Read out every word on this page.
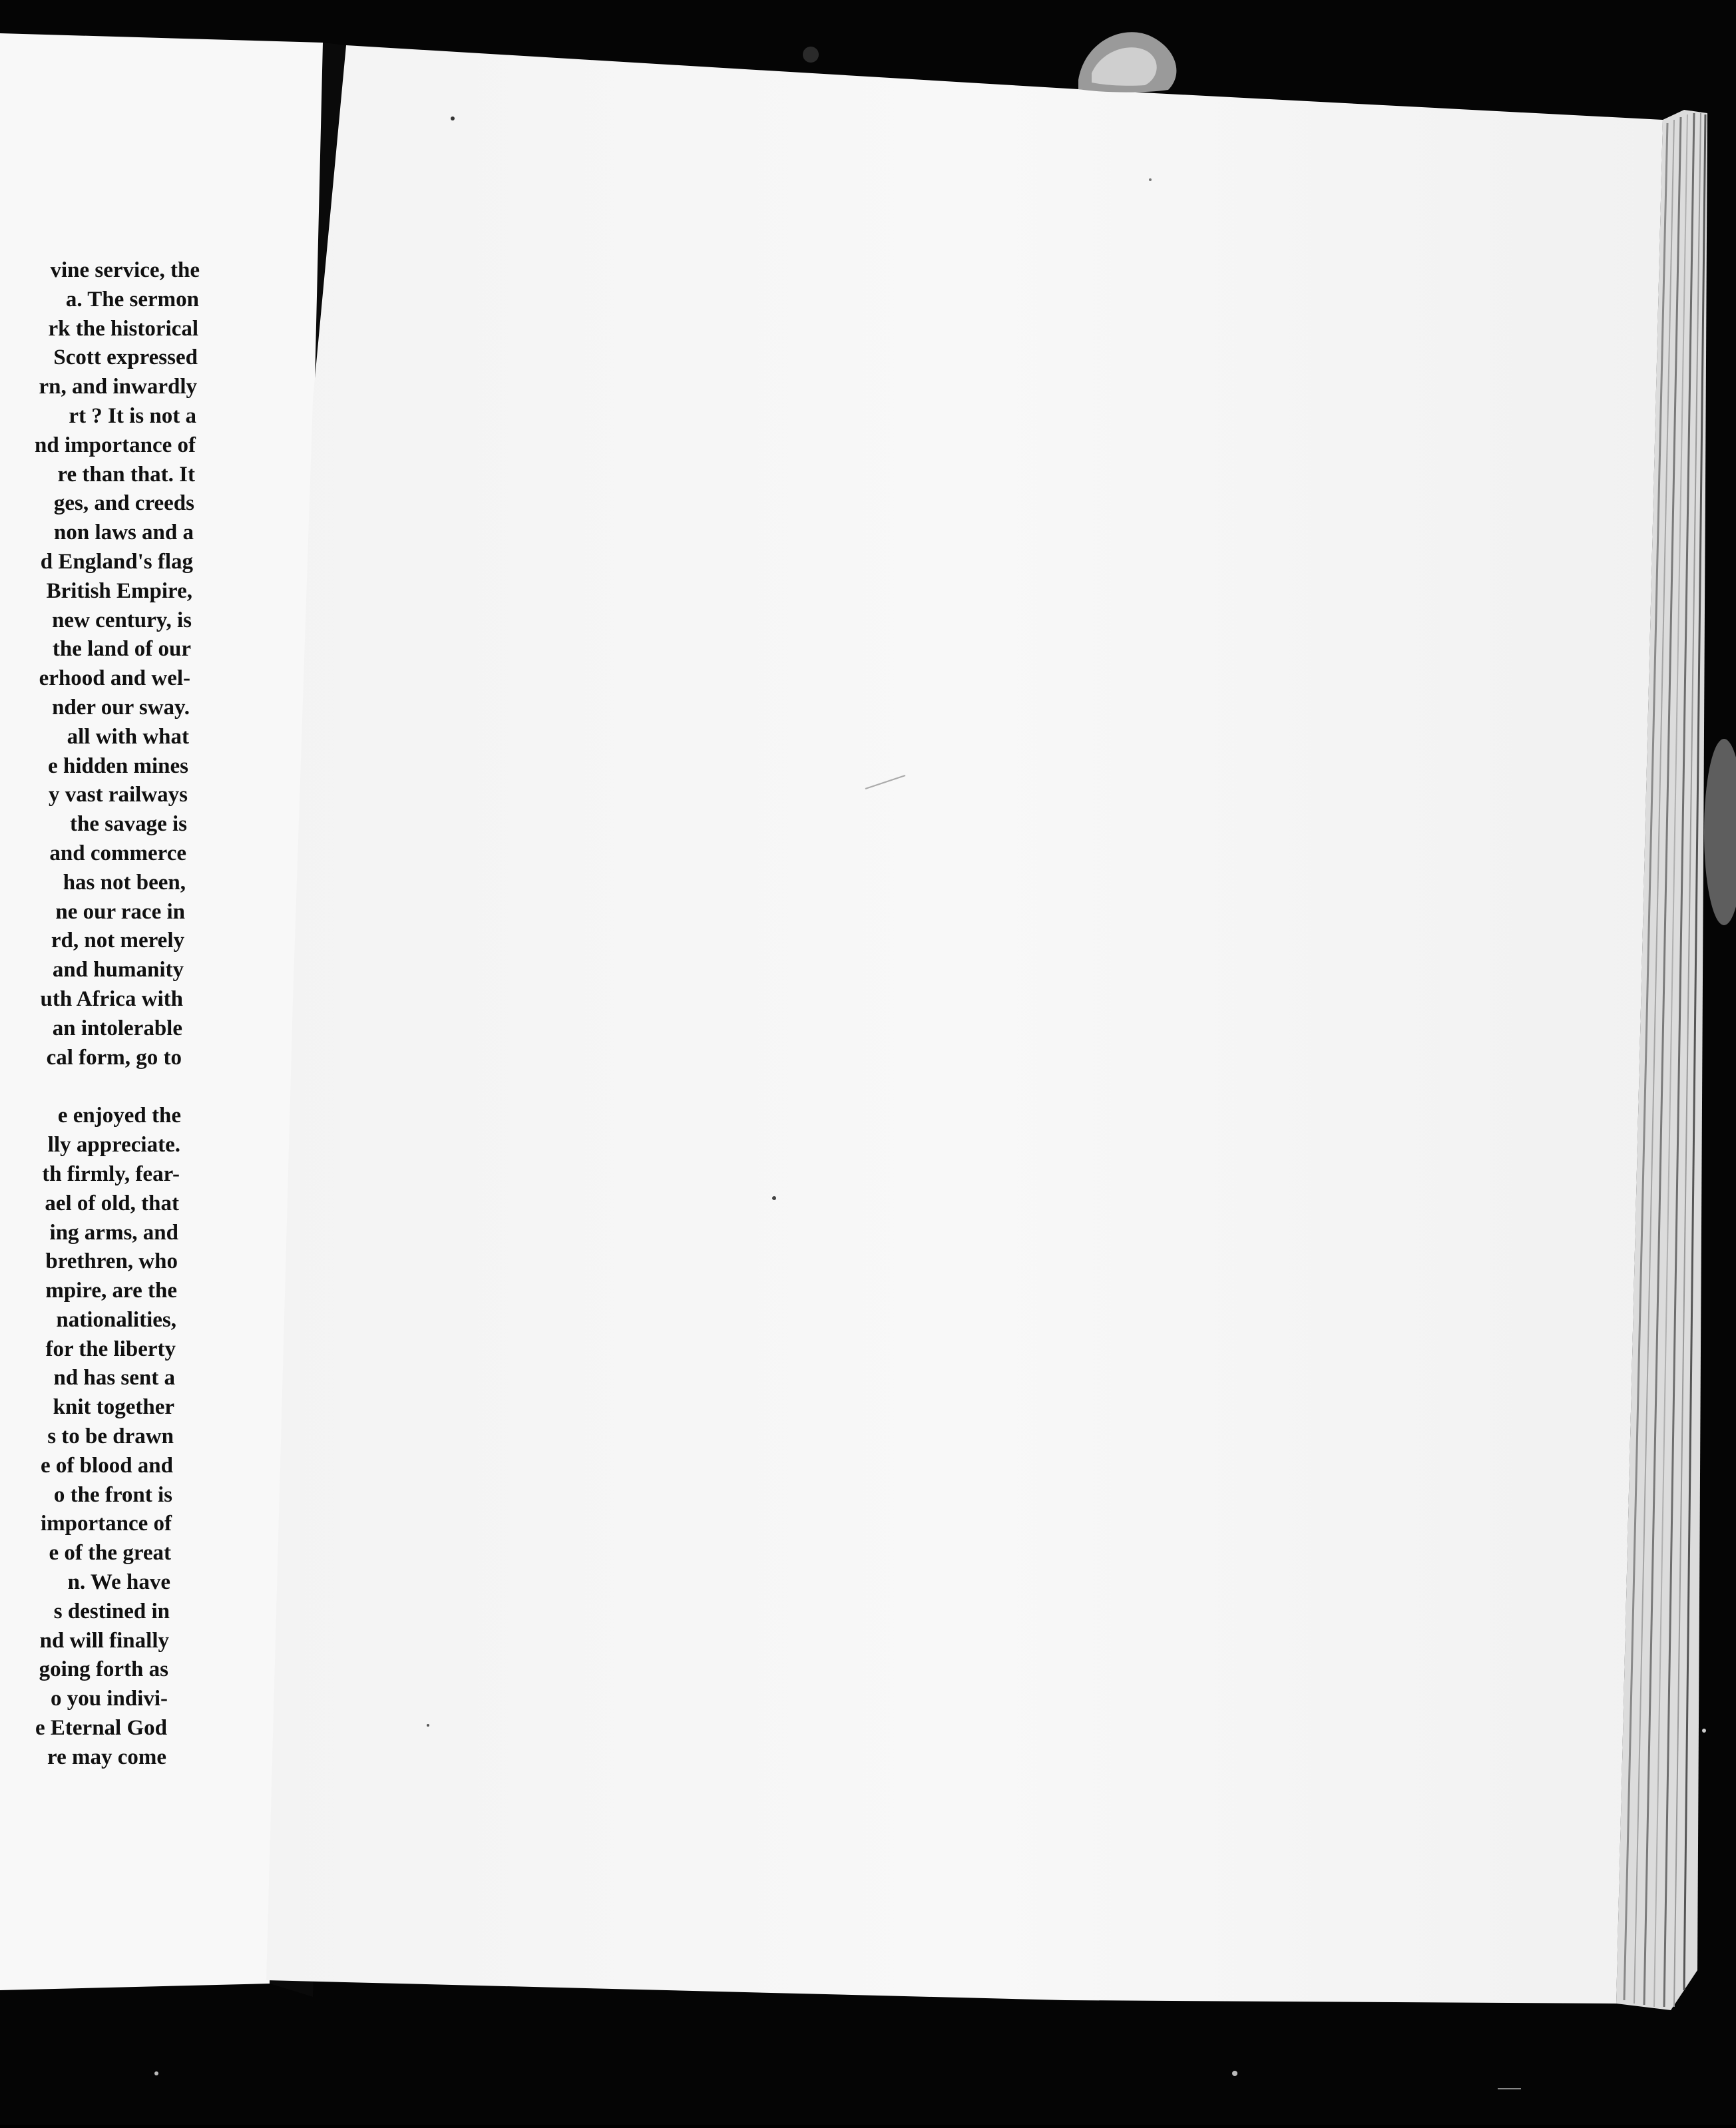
vine service, the
a. The sermon
rk the historical
Scott expressed
rn, and inwardly
rt ? It is not a
nd importance of
re than that. It
ges, and creeds
non laws and a
d England's flag
British Empire,
new century, is
the land of our
erhood and wel-
nder our sway.
all with what
e hidden mines
y vast railways
the savage is
and commerce
has not been,
ne our race in
rd, not merely
and humanity
uth Africa with
an intolerable
cal form, go to
e enjoyed the
lly appreciate.
th firmly, fear-
ael of old, that
ing arms, and
brethren, who
mpire, are the
nationalities,
for the liberty
nd has sent a
knit together
s to be drawn
e of blood and
o the front is
importance of
e of the great
n. We have
s destined in
nd will finally
going forth as
o you indivi-
e Eternal God
re may come
